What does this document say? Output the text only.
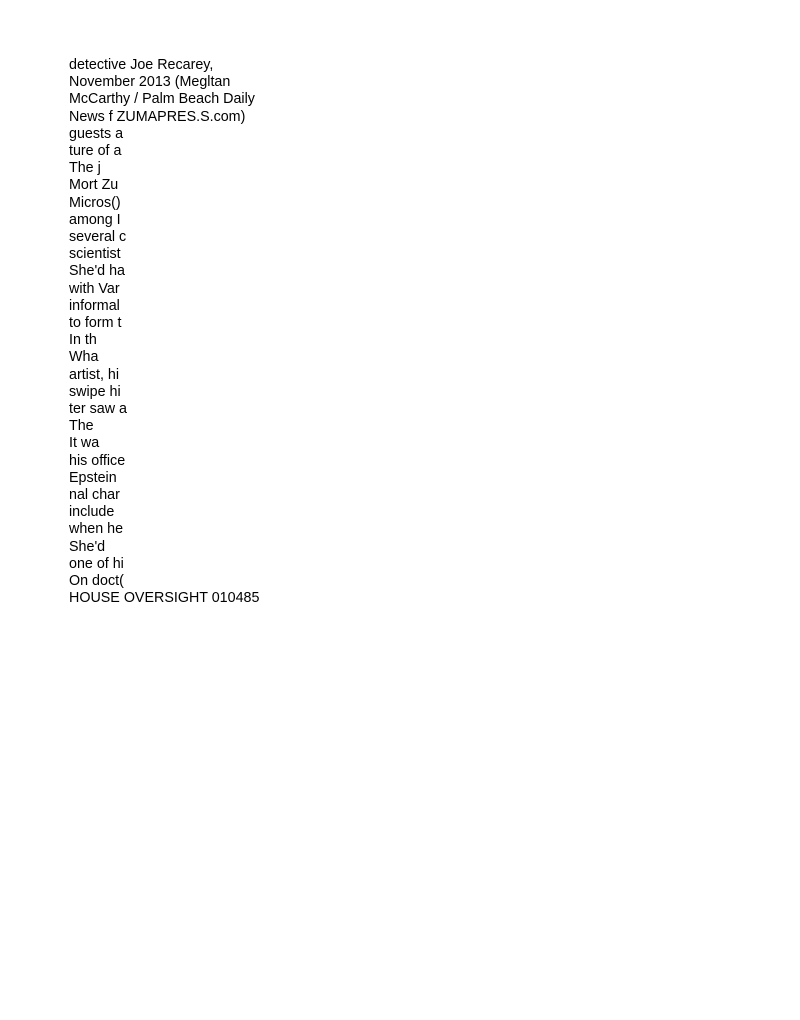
detective Joe Recarey,
November 2013 (Megltan
McCarthy / Palm Beach Daily
News f ZUMAPRES.S.com)
guests a
ture of a
The j
Mort Zu
Micros()
among I
several c
scientist
She'd ha
with Var
informal
to form t
In th
Wha
artist, hi
swipe hi
ter saw a
The
It wa
his office
Epstein
nal char
include
when he
She'd
one of hi
On doct(
HOUSE OVERSIGHT 010485
